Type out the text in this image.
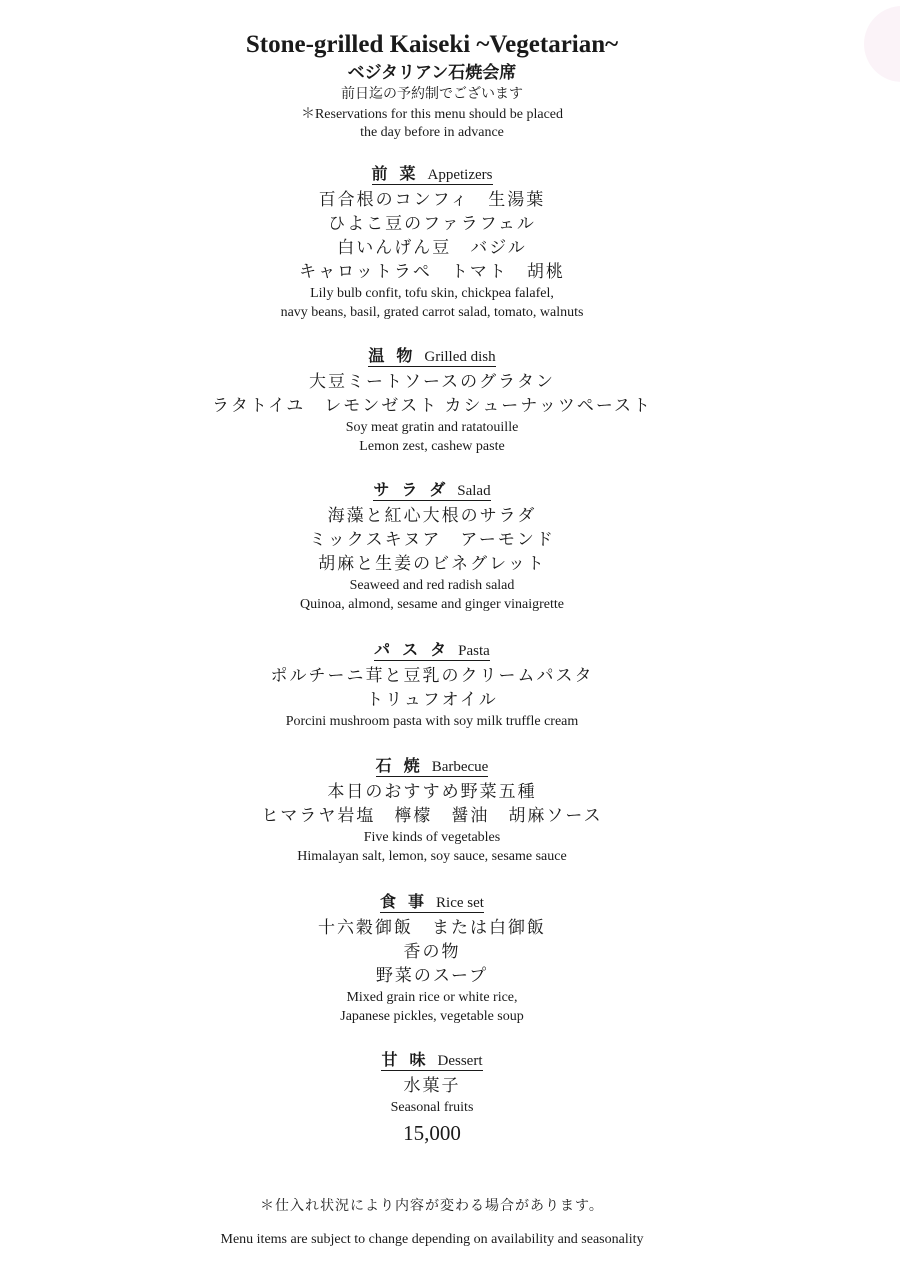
Stone-grilled Kaiseki ~Vegetarian~
ベジタリアン石焼会席
前日迄の予約制でございます
＊Reservations for this menu should be placed
the day before in advance
前菜Appetizers
百合根のコンフィ　生湯葉
ひよこ豆のファラフェル
白いんげん豆　バジル
キャロットラペ　トマト　胡桃
Lily bulb confit, tofu skin, chickpea falafel,
navy beans, basil, grated carrot salad, tomato, walnuts
温物Grilled dish
大豆ミートソースのグラタン
ラタトイユ　レモンゼスト カシューナッツペースト
Soy meat gratin and ratatouille
Lemon zest, cashew paste
サラダSalad
海藻と紅心大根のサラダ
ミックスキヌア　アーモンド
胡麻と生姜のビネグレット
Seaweed and red radish salad
Quinoa, almond, sesame and ginger vinaigrette
パスタPasta
ポルチーニ茸と豆乳のクリームパスタ
トリュフオイル
Porcini mushroom pasta with soy milk truffle cream
石焼Barbecue
本日のおすすめ野菜五種
ヒマラヤ岩塩　檸檬　醤油　胡麻ソース
Five kinds of vegetables
Himalayan salt, lemon, soy sauce, sesame sauce
食事Rice set
十六穀御飯　または白御飯
香の物
野菜のスープ
Mixed grain rice or white rice,
Japanese pickles, vegetable soup
甘味Dessert
水菓子
Seasonal fruits
15,000
＊仕入れ状況により内容が変わる場合があります。
Menu items are subject to change depending on availability and seasonality
